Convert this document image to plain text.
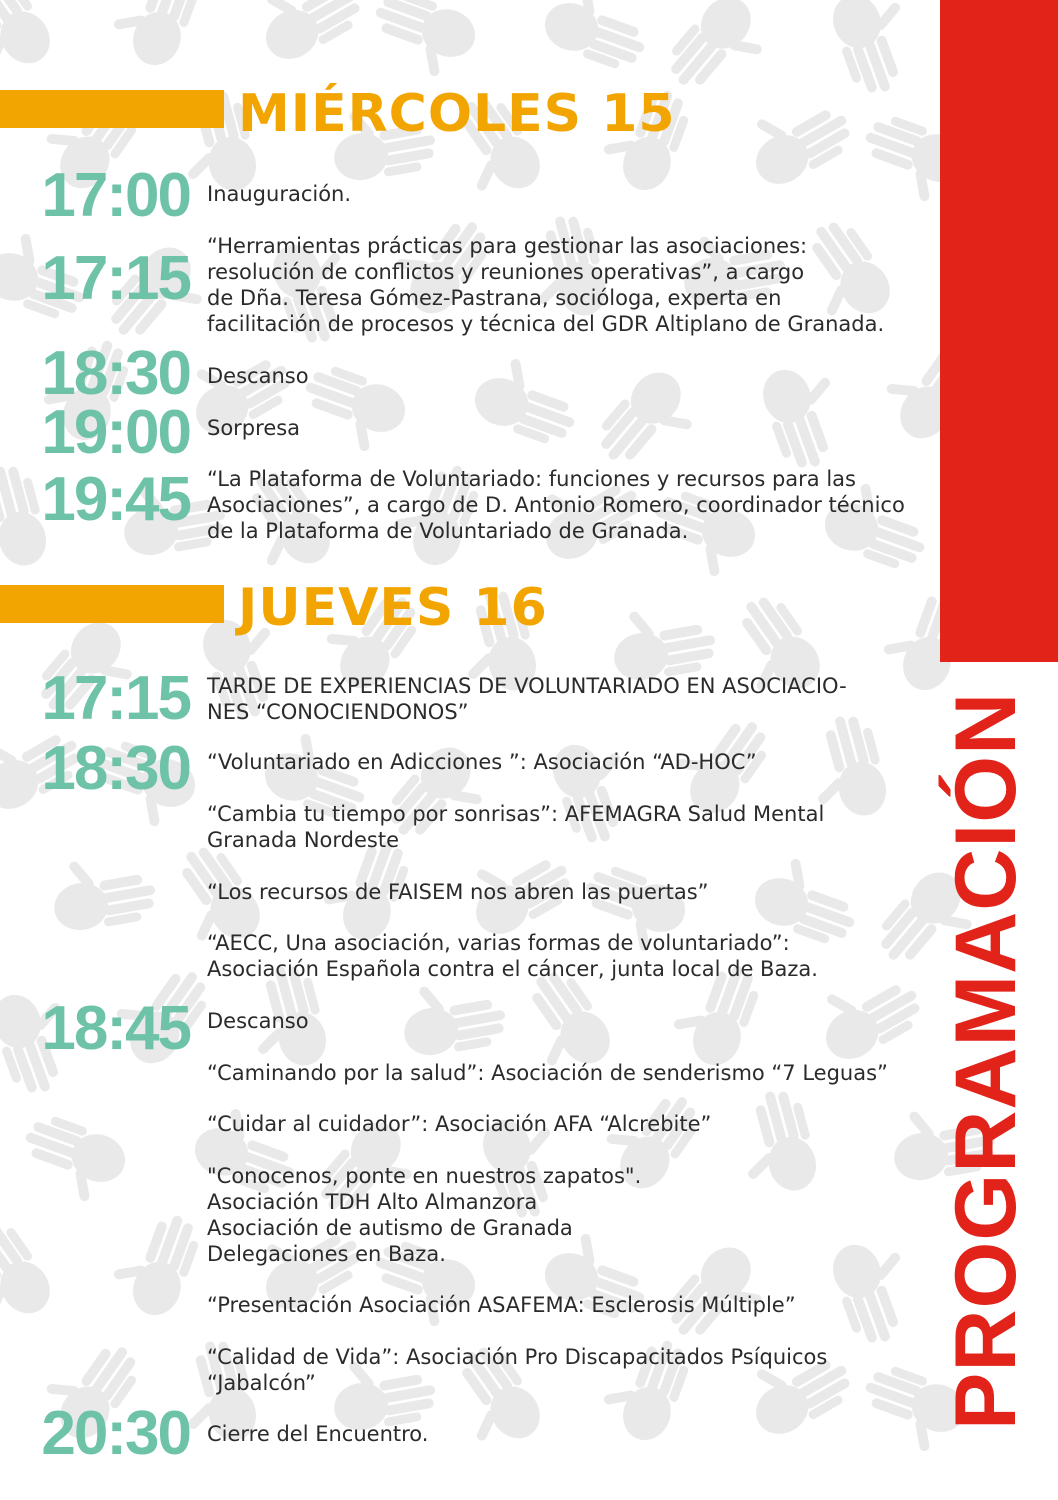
PROGRAMACIÓN
MIÉRCOLES 15
17:00 Inauguración.
17:15 “Herramientas prácticas para gestionar las asociaciones:
resolución de conflictos y reuniones operativas”, a cargo
de Dña. Teresa Gómez-Pastrana, socióloga, experta en
facilitación de procesos y técnica del GDR Altiplano de Granada.
18:30 Descanso
19:00 Sorpresa
19:45 “La Plataforma de Voluntariado: funciones y recursos para las
Asociaciones”, a cargo de D. Antonio Romero, coordinador técnico
de la Plataforma de Voluntariado de Granada.
JUEVES 16
17:15 TARDE DE EXPERIENCIAS DE VOLUNTARIADO EN ASOCIACIO-
NES “CONOCIENDONOS”
18:30 “Voluntariado en Adicciones ”: Asociación “AD-HOC”
“Cambia tu tiempo por sonrisas”: AFEMAGRA Salud Mental
Granada Nordeste
“Los recursos de FAISEM nos abren las puertas”
“AECC, Una asociación, varias formas de voluntariado”:
Asociación Española contra el cáncer, junta local de Baza.
18:45 Descanso
“Caminando por la salud”: Asociación de senderismo “7 Leguas”
“Cuidar al cuidador”: Asociación AFA “Alcrebite”
"Conocenos, ponte en nuestros zapatos".
Asociación TDH Alto Almanzora
Asociación de autismo de Granada
Delegaciones en Baza.
“Presentación Asociación ASAFEMA: Esclerosis Múltiple”
“Calidad de Vida”: Asociación Pro Discapacitados Psíquicos
“Jabalcón”
20:30 Cierre del Encuentro.
